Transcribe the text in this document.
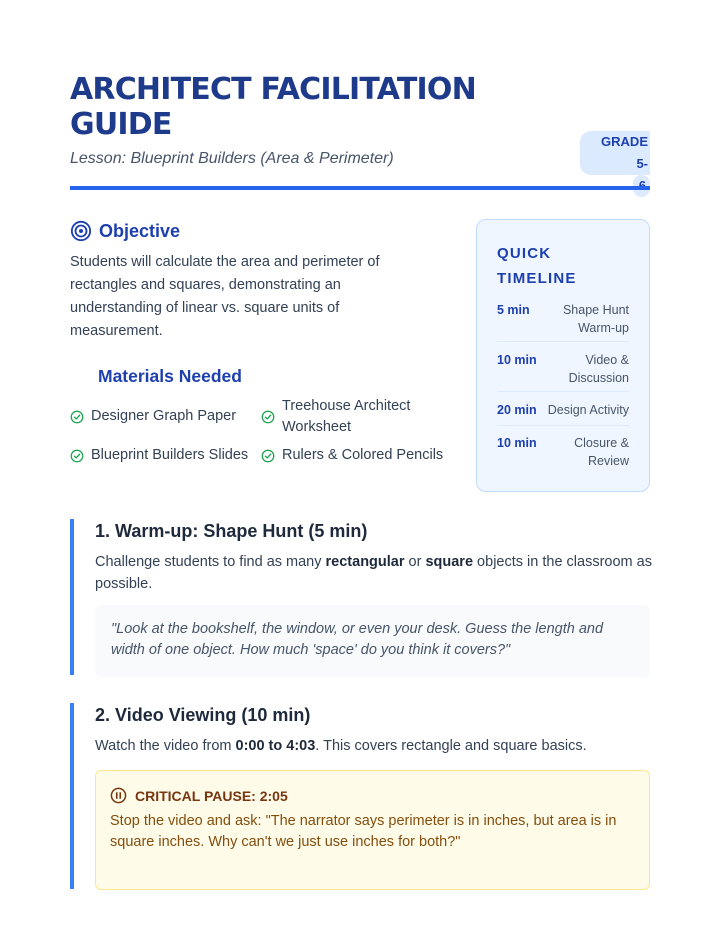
ARCHITECT FACILITATION GUIDE
Lesson: Blueprint Builders (Area & Perimeter)
GRADE 5-

Objective

Students will calculate the area and perimeter of rectangles and squares, demonstrating an understanding of linear vs. square units of measurement.

Materials Needed
Designer Graph Paper
Treehouse Architect Worksheet
Blueprint Builders Slides Rulers & Colored Pencils
QUICK TIMELINE
5 min	Shape Hunt Warm-up
10 min	Video & Discussion
20 min Design Activity
10 min	Closure & Review
1. Warm-up: Shape Hunt (5 min)

Challenge students to find as many rectangular or square objects in the classroom as possible.

"Look at the bookshelf, the window, or even your desk. Guess the length and width of one object. How much 'space' do you think it covers?"
2. Video Viewing (10 min)

Watch the video from 0:00 to 4:03. This covers rectangle and square basics.

CRITICAL PAUSE: 2:05

Stop the video and ask: "The narrator says perimeter is in inches, but area is in square inches. Why can't we just use inches for both?"
